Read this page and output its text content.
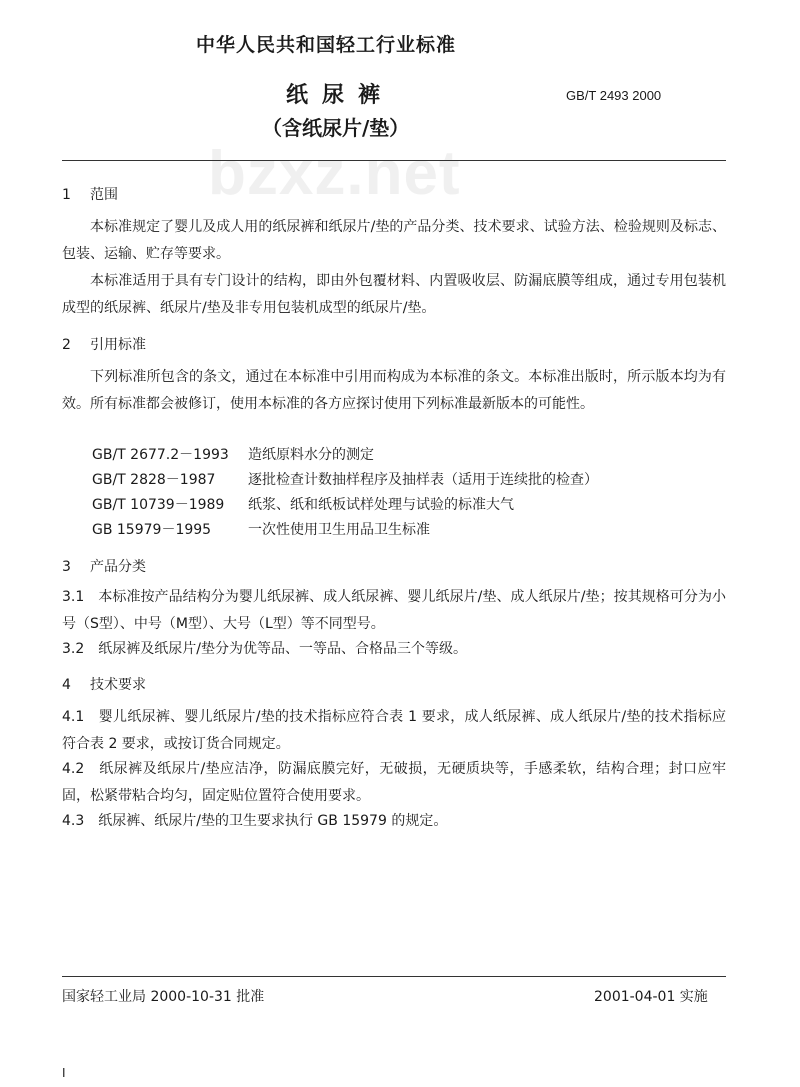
bzxz.net
中华人民共和国轻工行业标准
纸尿裤
（含纸尿片/垫）
GB/T 2493 2000
1 范围
本标准规定了婴儿及成人用的纸尿裤和纸尿片/垫的产品分类、技术要求、试验方法、检验规则及标志、包装、运输、贮存等要求。
本标准适用于具有专门设计的结构，即由外包覆材料、内置吸收层、防漏底膜等组成，通过专用包装机成型的纸尿裤、纸尿片/垫及非专用包装机成型的纸尿片/垫。
2 引用标准
下列标准所包含的条文，通过在本标准中引用而构成为本标准的条文。本标准出版时，所示版本均为有效。所有标准都会被修订，使用本标准的各方应探讨使用下列标准最新版本的可能性。
GB/T 2677.2－1993 造纸原料水分的测定
GB/T 2828－1987 逐批检查计数抽样程序及抽样表（适用于连续批的检查）
GB/T 10739－1989 纸浆、纸和纸板试样处理与试验的标准大气
GB 15979－1995	一次性使用卫生用品卫生标准
3 产品分类
3.1　本标准按产品结构分为婴儿纸尿裤、成人纸尿裤、婴儿纸尿片/垫、成人纸尿片/垫；按其规格可分为小号（S型）、中号（M型）、大号（L型）等不同型号。
3.2　纸尿裤及纸尿片/垫分为优等品、一等品、合格品三个等级。
4 技术要求
4.1　婴儿纸尿裤、婴儿纸尿片/垫的技术指标应符合表 1 要求，成人纸尿裤、成人纸尿片/垫的技术指标应符合表 2 要求，或按订货合同规定。
4.2　纸尿裤及纸尿片/垫应洁净，防漏底膜完好，无破损，无硬质块等，手感柔软，结构合理；封口应牢固，松紧带粘合均匀，固定贴位置符合使用要求。
4.3　纸尿裤、纸尿片/垫的卫生要求执行 GB 15979 的规定。
国家轻工业局 2000-10-31 批准	2001-04-01 实施
I
